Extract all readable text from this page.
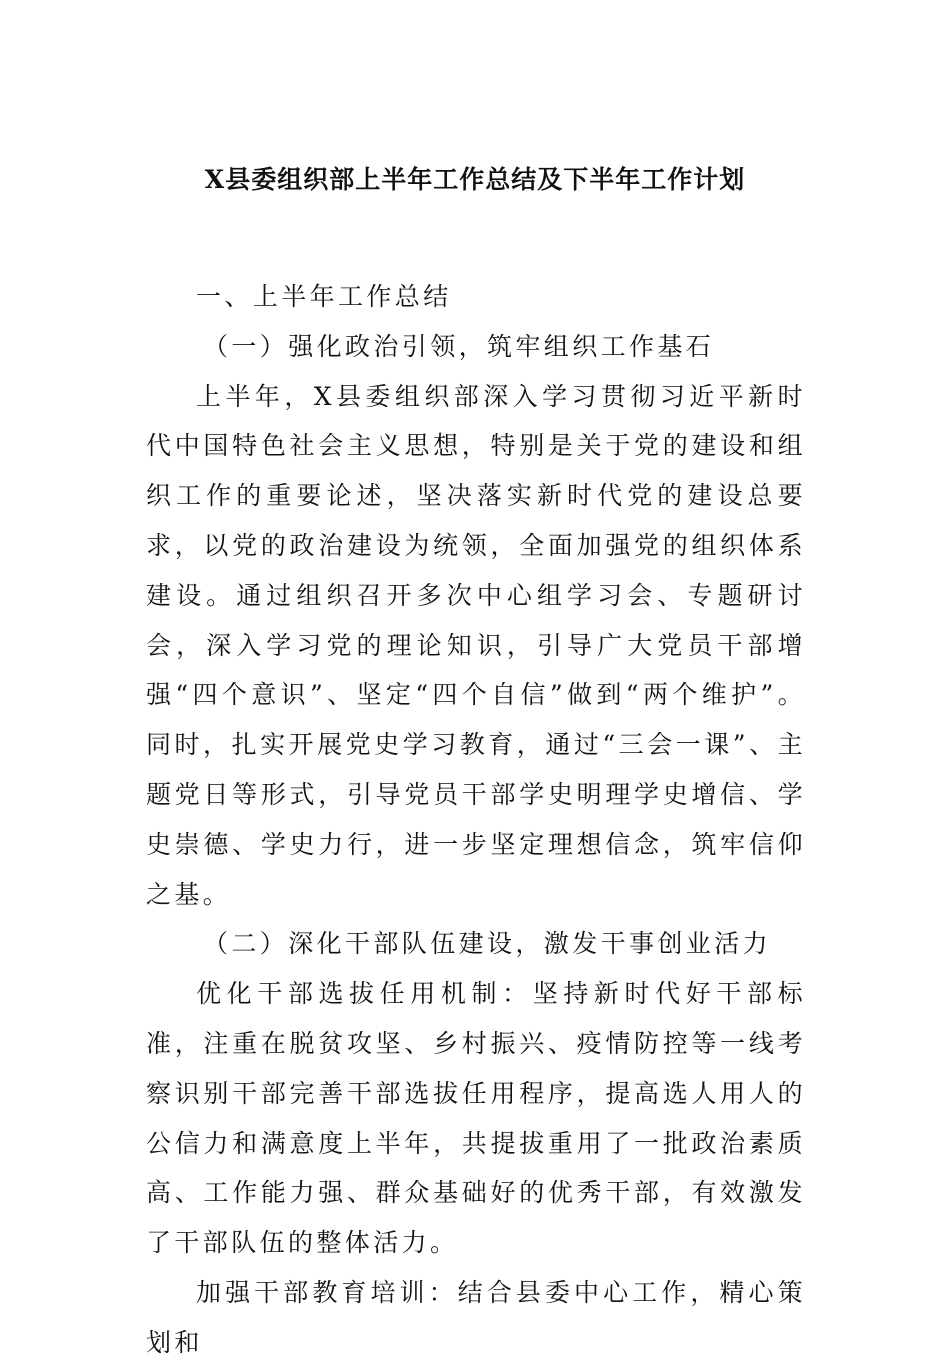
X县委组织部上半年工作总结及下半年工作计划

一、上半年工作总结

（一）强化政治引领，筑牢组织工作基石

上半年，X县委组织部深入学习贯彻习近平新时代中国特色社会主义思想，特别是关于党的建设和组织工作的重要论述，坚决落实新时代党的建设总要求，以党的政治建设为统领，全面加强党的组织体系建设。通过组织召开多次中心组学习会、专题研讨会，深入学习党的理论知识，引导广大党员干部增强“四个意识”、坚定“四个自信”做到“两个维护”。同时，扎实开展党史学习教育，通过“三会一课”、主题党日等形式，引导党员干部学史明理学史增信、学史崇德、学史力行，进一步坚定理想信念，筑牢信仰之基。

（二）深化干部队伍建设，激发干事创业活力

优化干部选拔任用机制：坚持新时代好干部标准，注重在脱贫攻坚、乡村振兴、疫情防控等一线考察识别干部完善干部选拔任用程序，提高选人用人的公信力和满意度上半年，共提拔重用了一批政治素质高、工作能力强、群众基础好的优秀干部，有效激发了干部队伍的整体活力。

加强干部教育培训：结合县委中心工作，精心策划和
